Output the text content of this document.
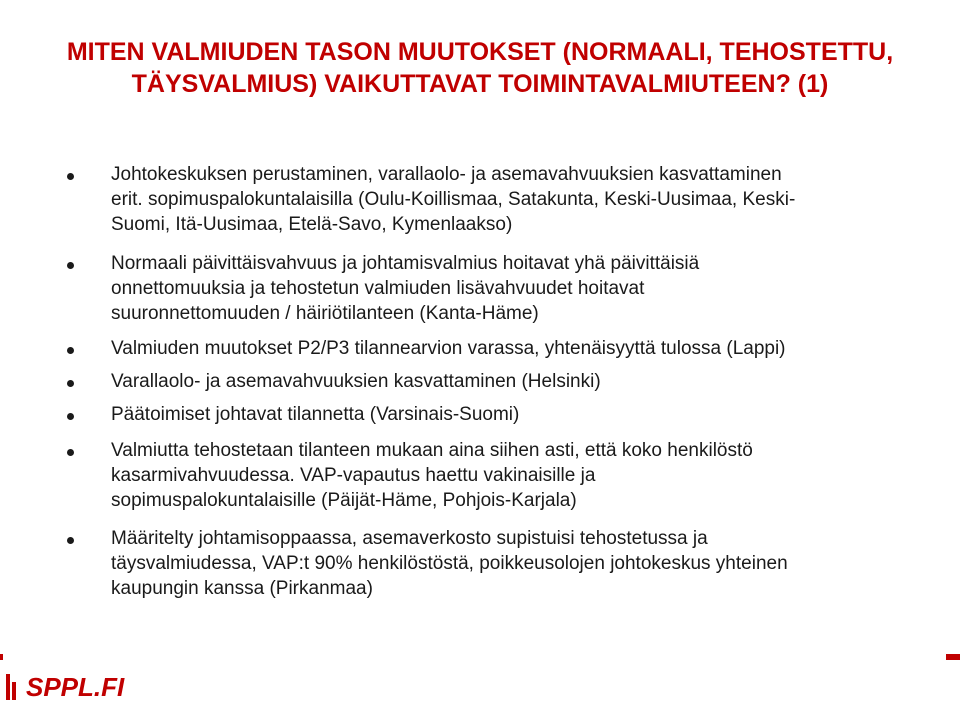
MITEN VALMIUDEN TASON MUUTOKSET (NORMAALI, TEHOSTETTU,
TÄYSVALMIUS) VAIKUTTAVAT TOIMINTAVALMIUTEEN? (1)
Johtokeskuksen perustaminen, varallaolo- ja asemavahvuuksien kasvattaminen
erit. sopimuspalokuntalaisilla (Oulu-Koillismaa, Satakunta, Keski-Uusimaa, Keski-
Suomi, Itä-Uusimaa, Etelä-Savo, Kymenlaakso)
Normaali päivittäisvahvuus ja johtamisvalmius hoitavat yhä päivittäisiä
onnettomuuksia ja tehostetun valmiuden lisävahvuudet hoitavat
suuronnettomuuden / häiriötilanteen (Kanta-Häme)
Valmiuden muutokset P2/P3 tilannearvion varassa, yhtenäisyyttä tulossa (Lappi)
Varallaolo- ja asemavahvuuksien kasvattaminen (Helsinki)
Päätoimiset johtavat tilannetta (Varsinais-Suomi)
Valmiutta tehostetaan tilanteen mukaan aina siihen asti, että koko henkilöstö
kasarmivahvuudessa. VAP-vapautus haettu vakinaisille ja
sopimuspalokuntalaisille (Päijät-Häme, Pohjois-Karjala)
Määritelty johtamisoppaassa, asemaverkosto supistuisi tehostetussa ja
täysvalmiudessa, VAP:t 90% henkilöstöstä, poikkeusolojen johtokeskus yhteinen
kaupungin kanssa (Pirkanmaa)
SPPL.FI
